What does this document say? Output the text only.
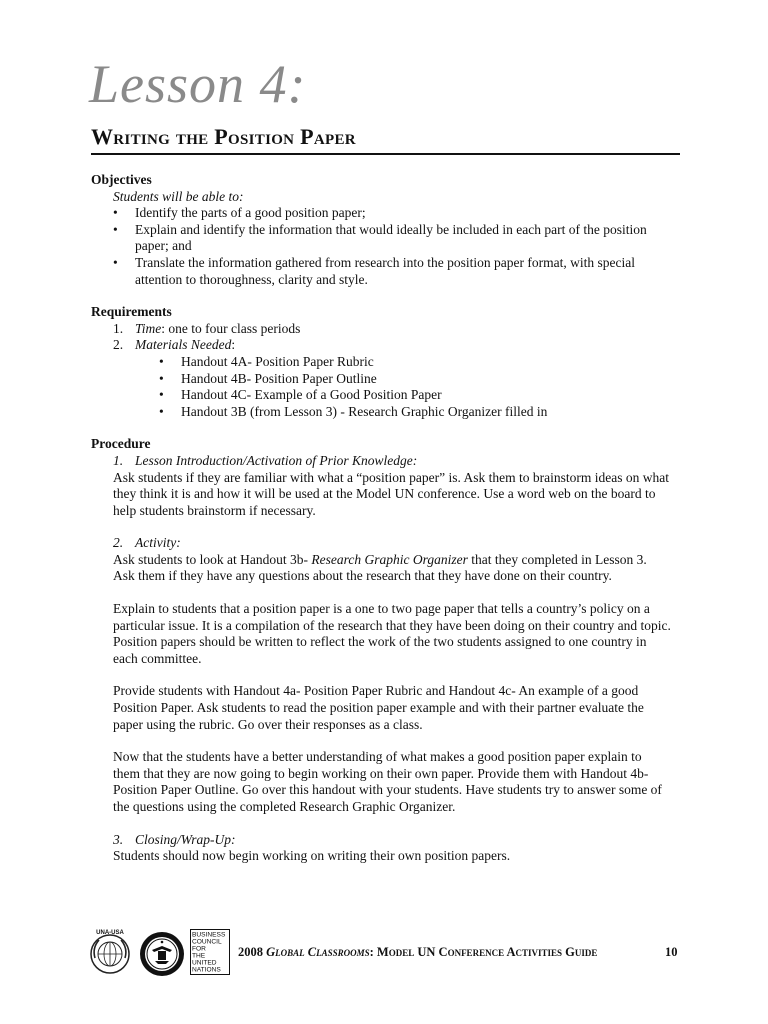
Lesson 4:
Writing the Position Paper

Objectives

Students will be able to:

• Identify the parts of a good position paper;
• Explain and identify the information that would ideally be included in each part of the position paper; and
• Translate the information gathered from research into the position paper format, with special attention to thoroughness, clarity and style.

Requirements

1. Time: one to four class periods
2. Materials Needed:
• Handout 4A- Position Paper Rubric
• Handout 4B- Position Paper Outline
• Handout 4C- Example of a Good Position Paper
• Handout 3B (from Lesson 3) - Research Graphic Organizer filled in

Procedure

1. Lesson Introduction/Activation of Prior Knowledge:

Ask students if they are familiar with what a “position paper” is. Ask them to brainstorm ideas on what they think it is and how it will be used at the Model UN conference. Use a word web on the board to help students brainstorm if necessary.

2. Activity:

Ask students to look at Handout 3b- Research Graphic Organizer that they completed in Lesson 3. Ask them if they have any questions about the research that they have done on their country.

Explain to students that a position paper is a one to two page paper that tells a country’s policy on a particular issue. It is a compilation of the research that they have been doing on their country and topic. Position papers should be written to reflect the work of the two students assigned to one country in each committee.

Provide students with Handout 4a- Position Paper Rubric and Handout 4c- An example of a good Position Paper. Ask students to read the position paper example and with their partner evaluate the paper using the rubric. Go over their responses as a class.

Now that the students have a better understanding of what makes a good position paper explain to them that they are now going to begin working on their own paper. Provide them with Handout 4b- Position Paper Outline. Go over this handout with your students. Have students try to answer some of the questions using the completed Research Graphic Organizer.

3. Closing/Wrap-Up:

Students should now begin working on writing their own position papers.

UNA-USA	BUSINESS
COUNCIL
FOR
THE
UNITED
NATIONS
2008 Global Classrooms: Model UN Conference Activities Guide	10
